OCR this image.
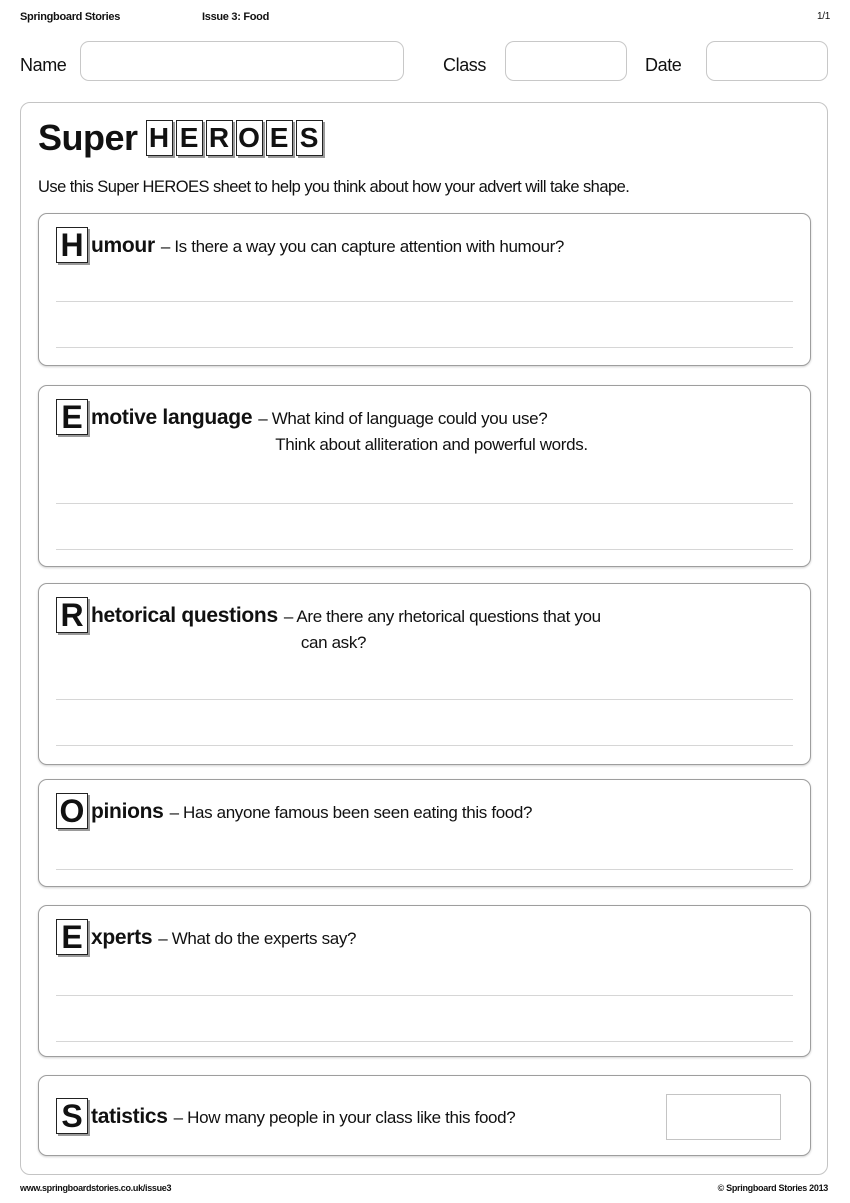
Springboard Stories	Issue 3: Food	1/1
Name	Class	Date
Super H E R O E S
Use this Super HEROES sheet to help you think about how your advert will take shape.
H umour – Is there a way you can capture attention with humour?
E motive language – What kind of language could you use?
Think about alliteration and powerful words.
R hetorical questions – Are there any rhetorical questions that you
can ask?
O pinions – Has anyone famous been seen eating this food?
E xperts – What do the experts say?
S tatistics – How many people in your class like this food?
www.springboardstories.co.uk/issue3	© Springboard Stories 2013
